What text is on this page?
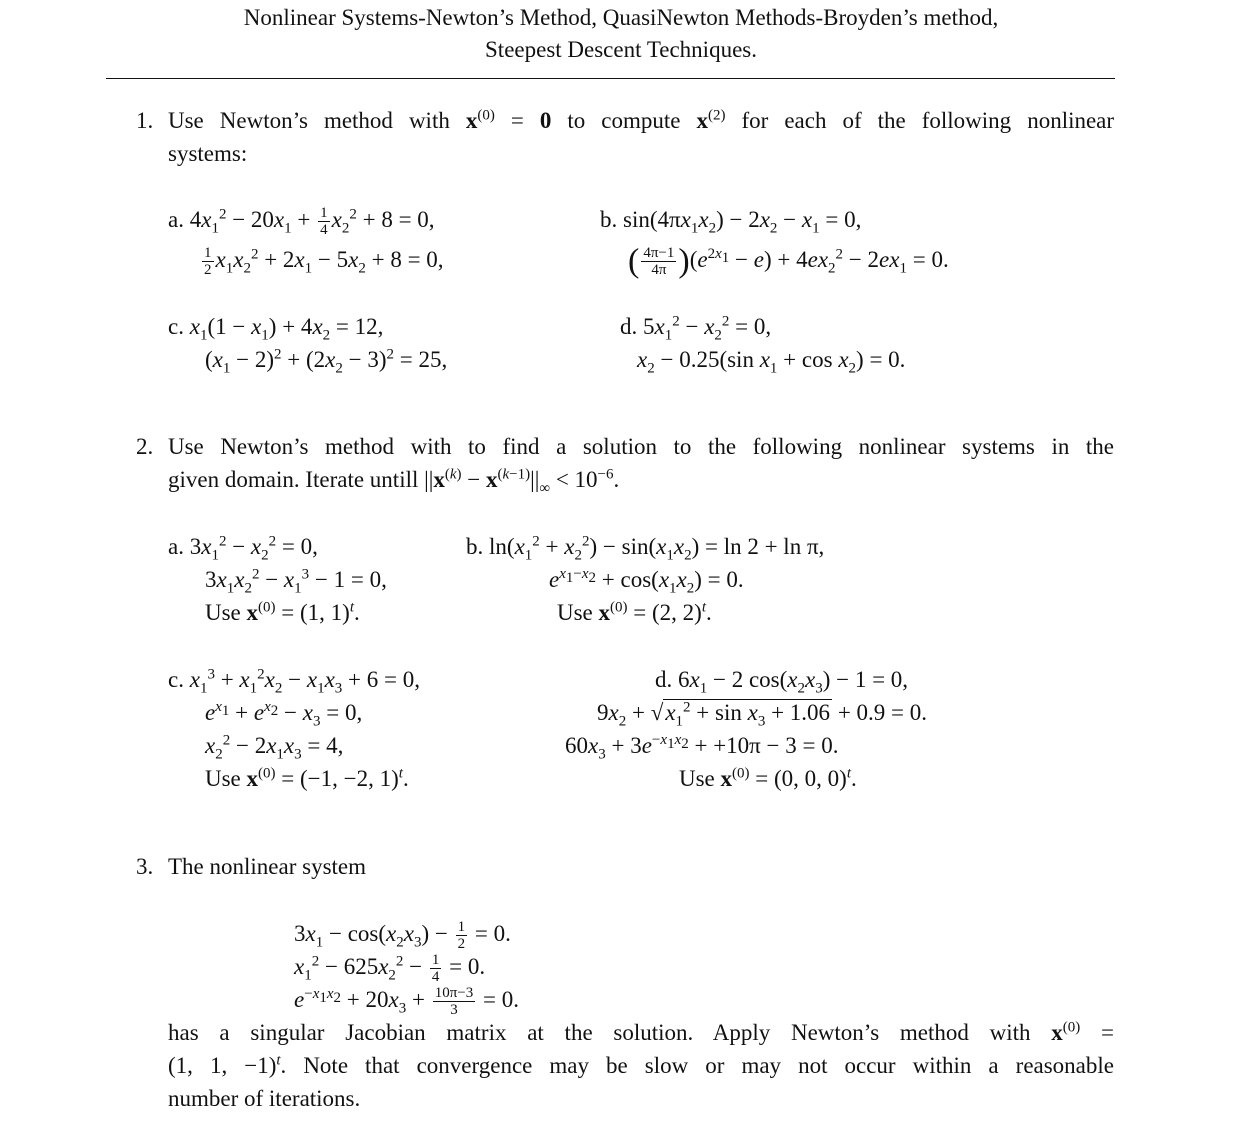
Nonlinear Systems-Newton’s Method, QuasiNewton Methods-Broyden’s method,
Steepest Descent Techniques.
1. Use Newton’s method with $x^{(0)} = 0$ to compute $x^{(2)}$ for each of the following nonlinear
systems:
a. $4x_1^2 - 20x_1 + \frac{1}{4} x_2^2 + 8 = 0$,
$\frac{1}{2} x_1x_2^2 + 2x_1 - 5x_2 + 8 = 0$,
b. $\sin(4\pi x_1x_2) - 2x_2 - x_1 = 0$,
( $\frac{4\pi-1}{4\pi} )(e^{2x_1} - e) + 4ex_2^2 - 2ex_1 = 0$.
c. $x_1(1 - x_1) + 4x_2 = 12$,
$(x_1 - 2)^2 + (2x_2 - 3)^2 = 25$,
d. $5x_1^2 - x_2^2 = 0$,
$x_2 - 0.25(\sin$ $x_1 + \cos x_2) = 0$.
2. Use Newton’s method with to find a solution to the following nonlinear systems in the
given domain. Iterate untill $||x^{(k)} - x^{(k-1)}||_\infty < 10^{-6}$.
a. $3x_1^2 - x_2^2 = 0$,
$3x_1x_2^2 - x_1^3 - 1 = 0$,
Use $x^{(0)} = (1$, 1)$^t$.
b. $\ln(x_1^2 + x_2^2) - \sin(x_1x_2) = \ln 2 + \ln \pi$,
$e^{x_1-x_2} + \cos(x_1x_2) = 0$.
Use $x^{(0)} = (2$, 2)$^t$.
c. $x_1^3 + x_1^2x_2 - x_1x_3 + 6 = 0$,
$e^{x_1} + e^{x_2} - x_3 = 0$,
$x_2^2 - 2x_1x_3 = 4$,
Use $x^{(0)} = (-1$, −2, 1)$^t$.
d. $6x_1 - 2$ $\cos(x_2x_3) - 1 = 0$,
$9x_2 + √x_1^2 + \sin x_3 + 1.06 + 0.9 = 0$.
$60x_3 + 3e^{-x_1x_2} + +10\pi - 3 = 0$.
Use $x^{(0)} = (0$, 0, 0)$^t$.
3. The nonlinear system
$3x_1 - \cos(x_2x_3) - \frac{1}{2} = 0$.
$x_1^2 - 625x_2^2 - \frac{1}{4} = 0$.
$e^{-x_1x_2} + 20x_3 + \frac{10\pi-3}{3} = 0$.
has a singular Jacobian matrix at the solution. Apply Newton’s method with $x^{(0)}$ =
(1, 1, −1)$^t$. Note that convergence may be slow or may not occur within a reasonable
number of iterations.
